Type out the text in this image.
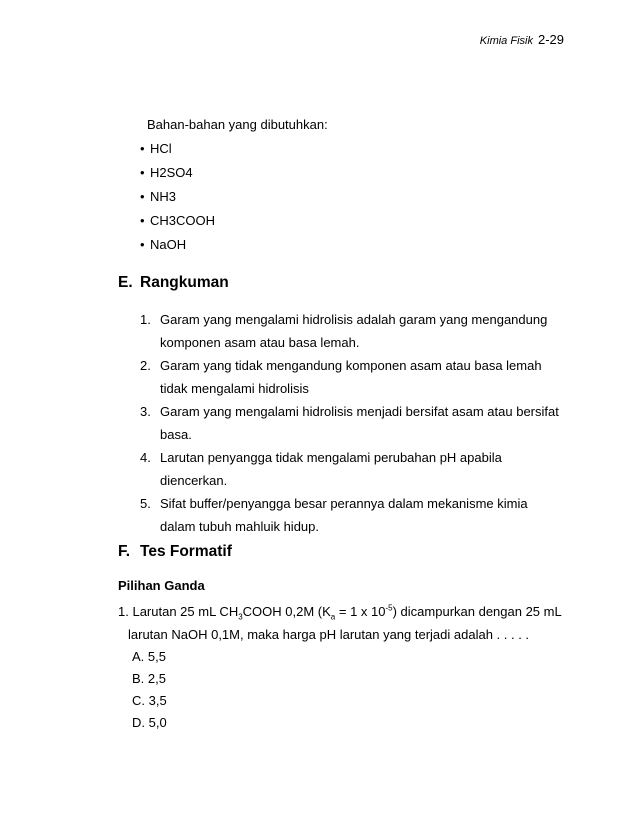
Kimia Fisik 2-29

Bahan-bahan yang dibutuhkan:

• HCl
• H2SO4
• NH3
• CH3COOH
• NaOH
E. Rangkuman
1. Garam yang mengalami hidrolisis adalah garam yang mengandung
komponen asam atau basa lemah.
2. Garam yang tidak mengandung komponen asam atau basa lemah
tidak mengalami hidrolisis
3. Garam yang mengalami hidrolisis menjadi bersifat asam atau bersifat
basa.
4. Larutan penyangga tidak mengalami perubahan pH apabila
diencerkan.
5. Sifat buffer/penyangga besar perannya dalam mekanisme kimia
dalam tubuh mahluik hidup.
F. Tes Formatif

Pilihan Ganda

1. Larutan 25 mL $CH_3COOH$ 0,2M ($K_a = 1$ x $10^{-5}$) dicampurkan dengan 25 mL
larutan NaOH 0,1M, maka harga pH larutan yang terjadi adalah . . . . .
A. 5,5
B. 2,5
C. 3,5
D. 5,0
